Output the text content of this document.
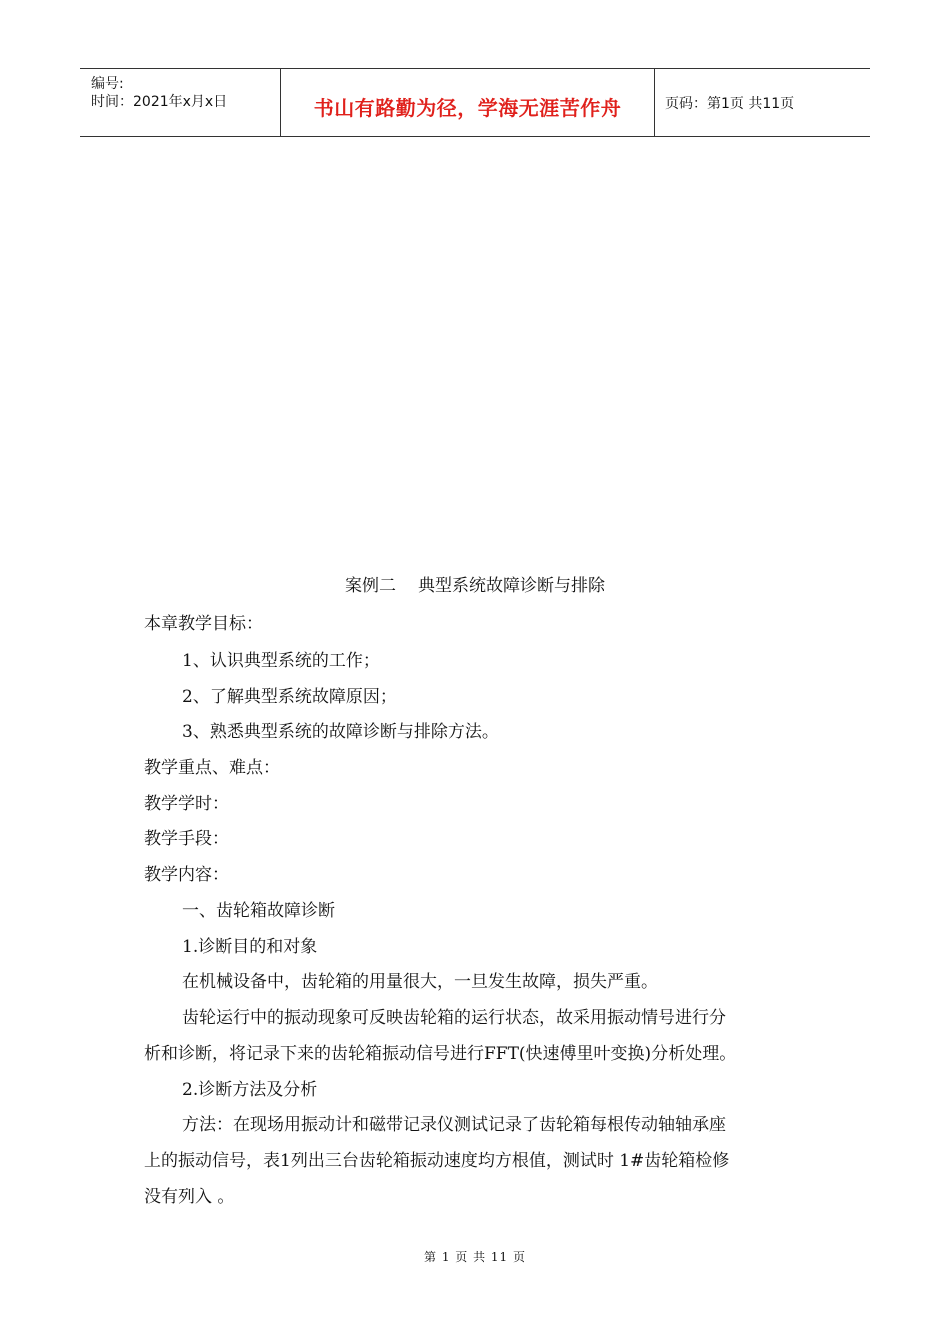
编号:
时间：2021年x月x日	书山有路勤为径，学海无涯苦作舟	页码：第1页 共11页
案例二 典型系统故障诊断与排除
本章教学目标：
1、认识典型系统的工作；
2、了解典型系统故障原因；
3、熟悉典型系统的故障诊断与排除方法。
教学重点、难点：
教学学时：
教学手段：
教学内容：
一、齿轮箱故障诊断
1.诊断目的和对象
在机械设备中，齿轮箱的用量很大，一旦发生故障，损失严重。
齿轮运行中的振动现象可反映齿轮箱的运行状态，故采用振动情号进行分
析和诊断，将记录下来的齿轮箱振动信号进行FFT(快速傅里叶变换)分析处理。
2.诊断方法及分析
方法：在现场用振动计和磁带记录仪测试记录了齿轮箱每根传动轴轴承座
上的振动信号，表1列出三台齿轮箱振动速度均方根值，测试时 1#齿轮箱检修
没有列入 。
第 1 页 共 11 页
